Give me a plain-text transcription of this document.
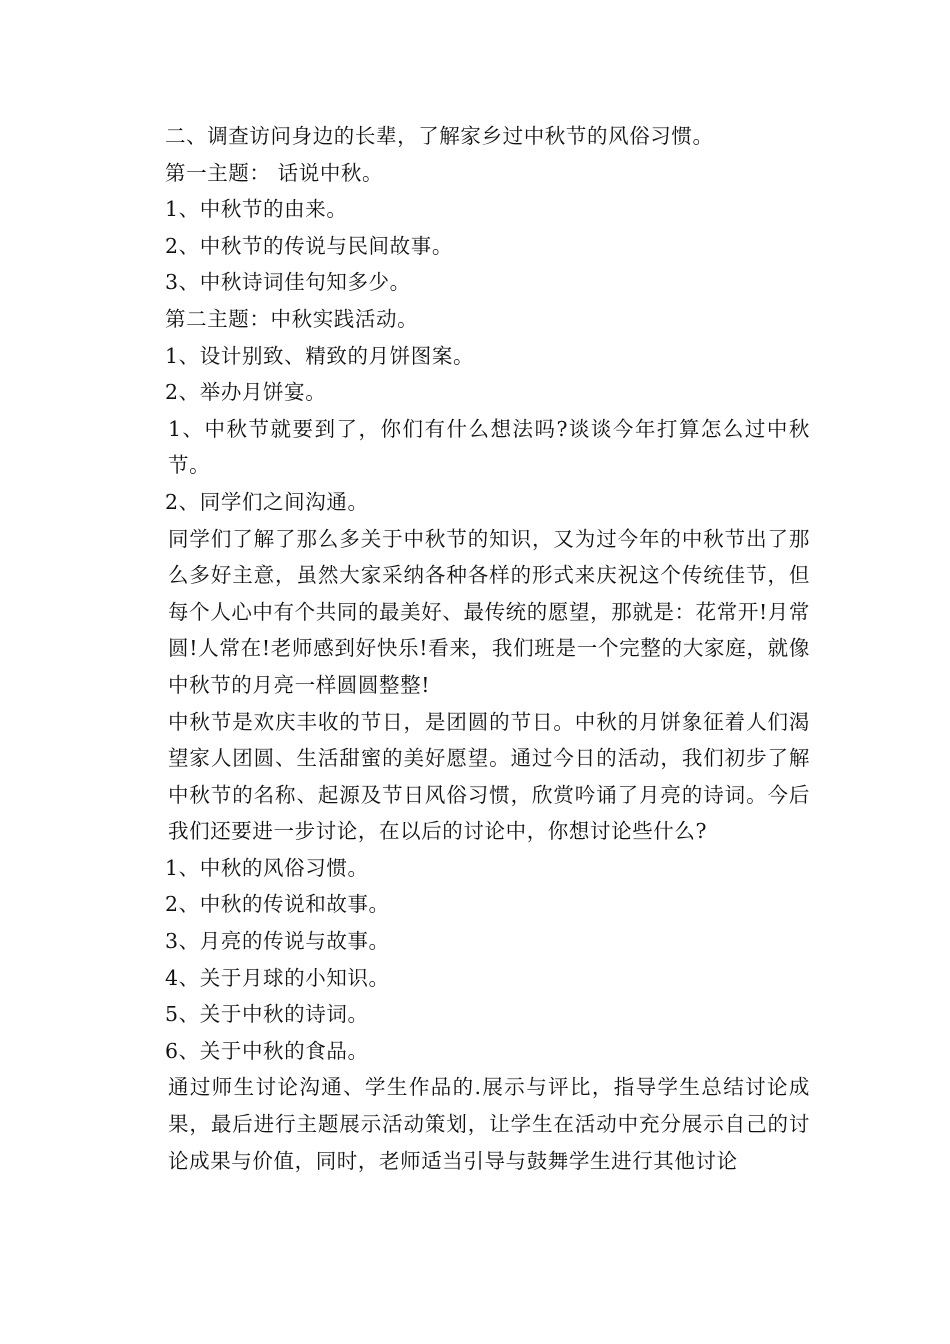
二、调查访问身边的长辈，了解家乡过中秋节的风俗习惯。
第一主题： 话说中秋。
1、中秋节的由来。
2、中秋节的传说与民间故事。
3、中秋诗词佳句知多少。
第二主题：中秋实践活动。
1、设计别致、精致的月饼图案。
2、举办月饼宴。

1、中秋节就要到了，你们有什么想法吗?谈谈今年打算怎么过中秋节。

2、同学们之间沟通。

同学们了解了那么多关于中秋节的知识，又为过今年的中秋节出了那么多好主意，虽然大家采纳各种各样的形式来庆祝这个传统佳节，但每个人心中有个共同的最美好、最传统的愿望，那就是：花常开!月常圆!人常在!老师感到好快乐!看来，我们班是一个完整的大家庭，就像中秋节的月亮一样圆圆整整!

中秋节是欢庆丰收的节日，是团圆的节日。中秋的月饼象征着人们渴望家人团圆、生活甜蜜的美好愿望。通过今日的活动，我们初步了解中秋节的名称、起源及节日风俗习惯，欣赏吟诵了月亮的诗词。今后我们还要进一步讨论，在以后的讨论中，你想讨论些什么?

1、中秋的风俗习惯。
2、中秋的传说和故事。
3、月亮的传说与故事。
4、关于月球的小知识。
5、关于中秋的诗词。
6、关于中秋的食品。

通过师生讨论沟通、学生作品的.展示与评比，指导学生总结讨论成果，最后进行主题展示活动策划，让学生在活动中充分展示自己的讨论成果与价值，同时，老师适当引导与鼓舞学生进行其他讨论
